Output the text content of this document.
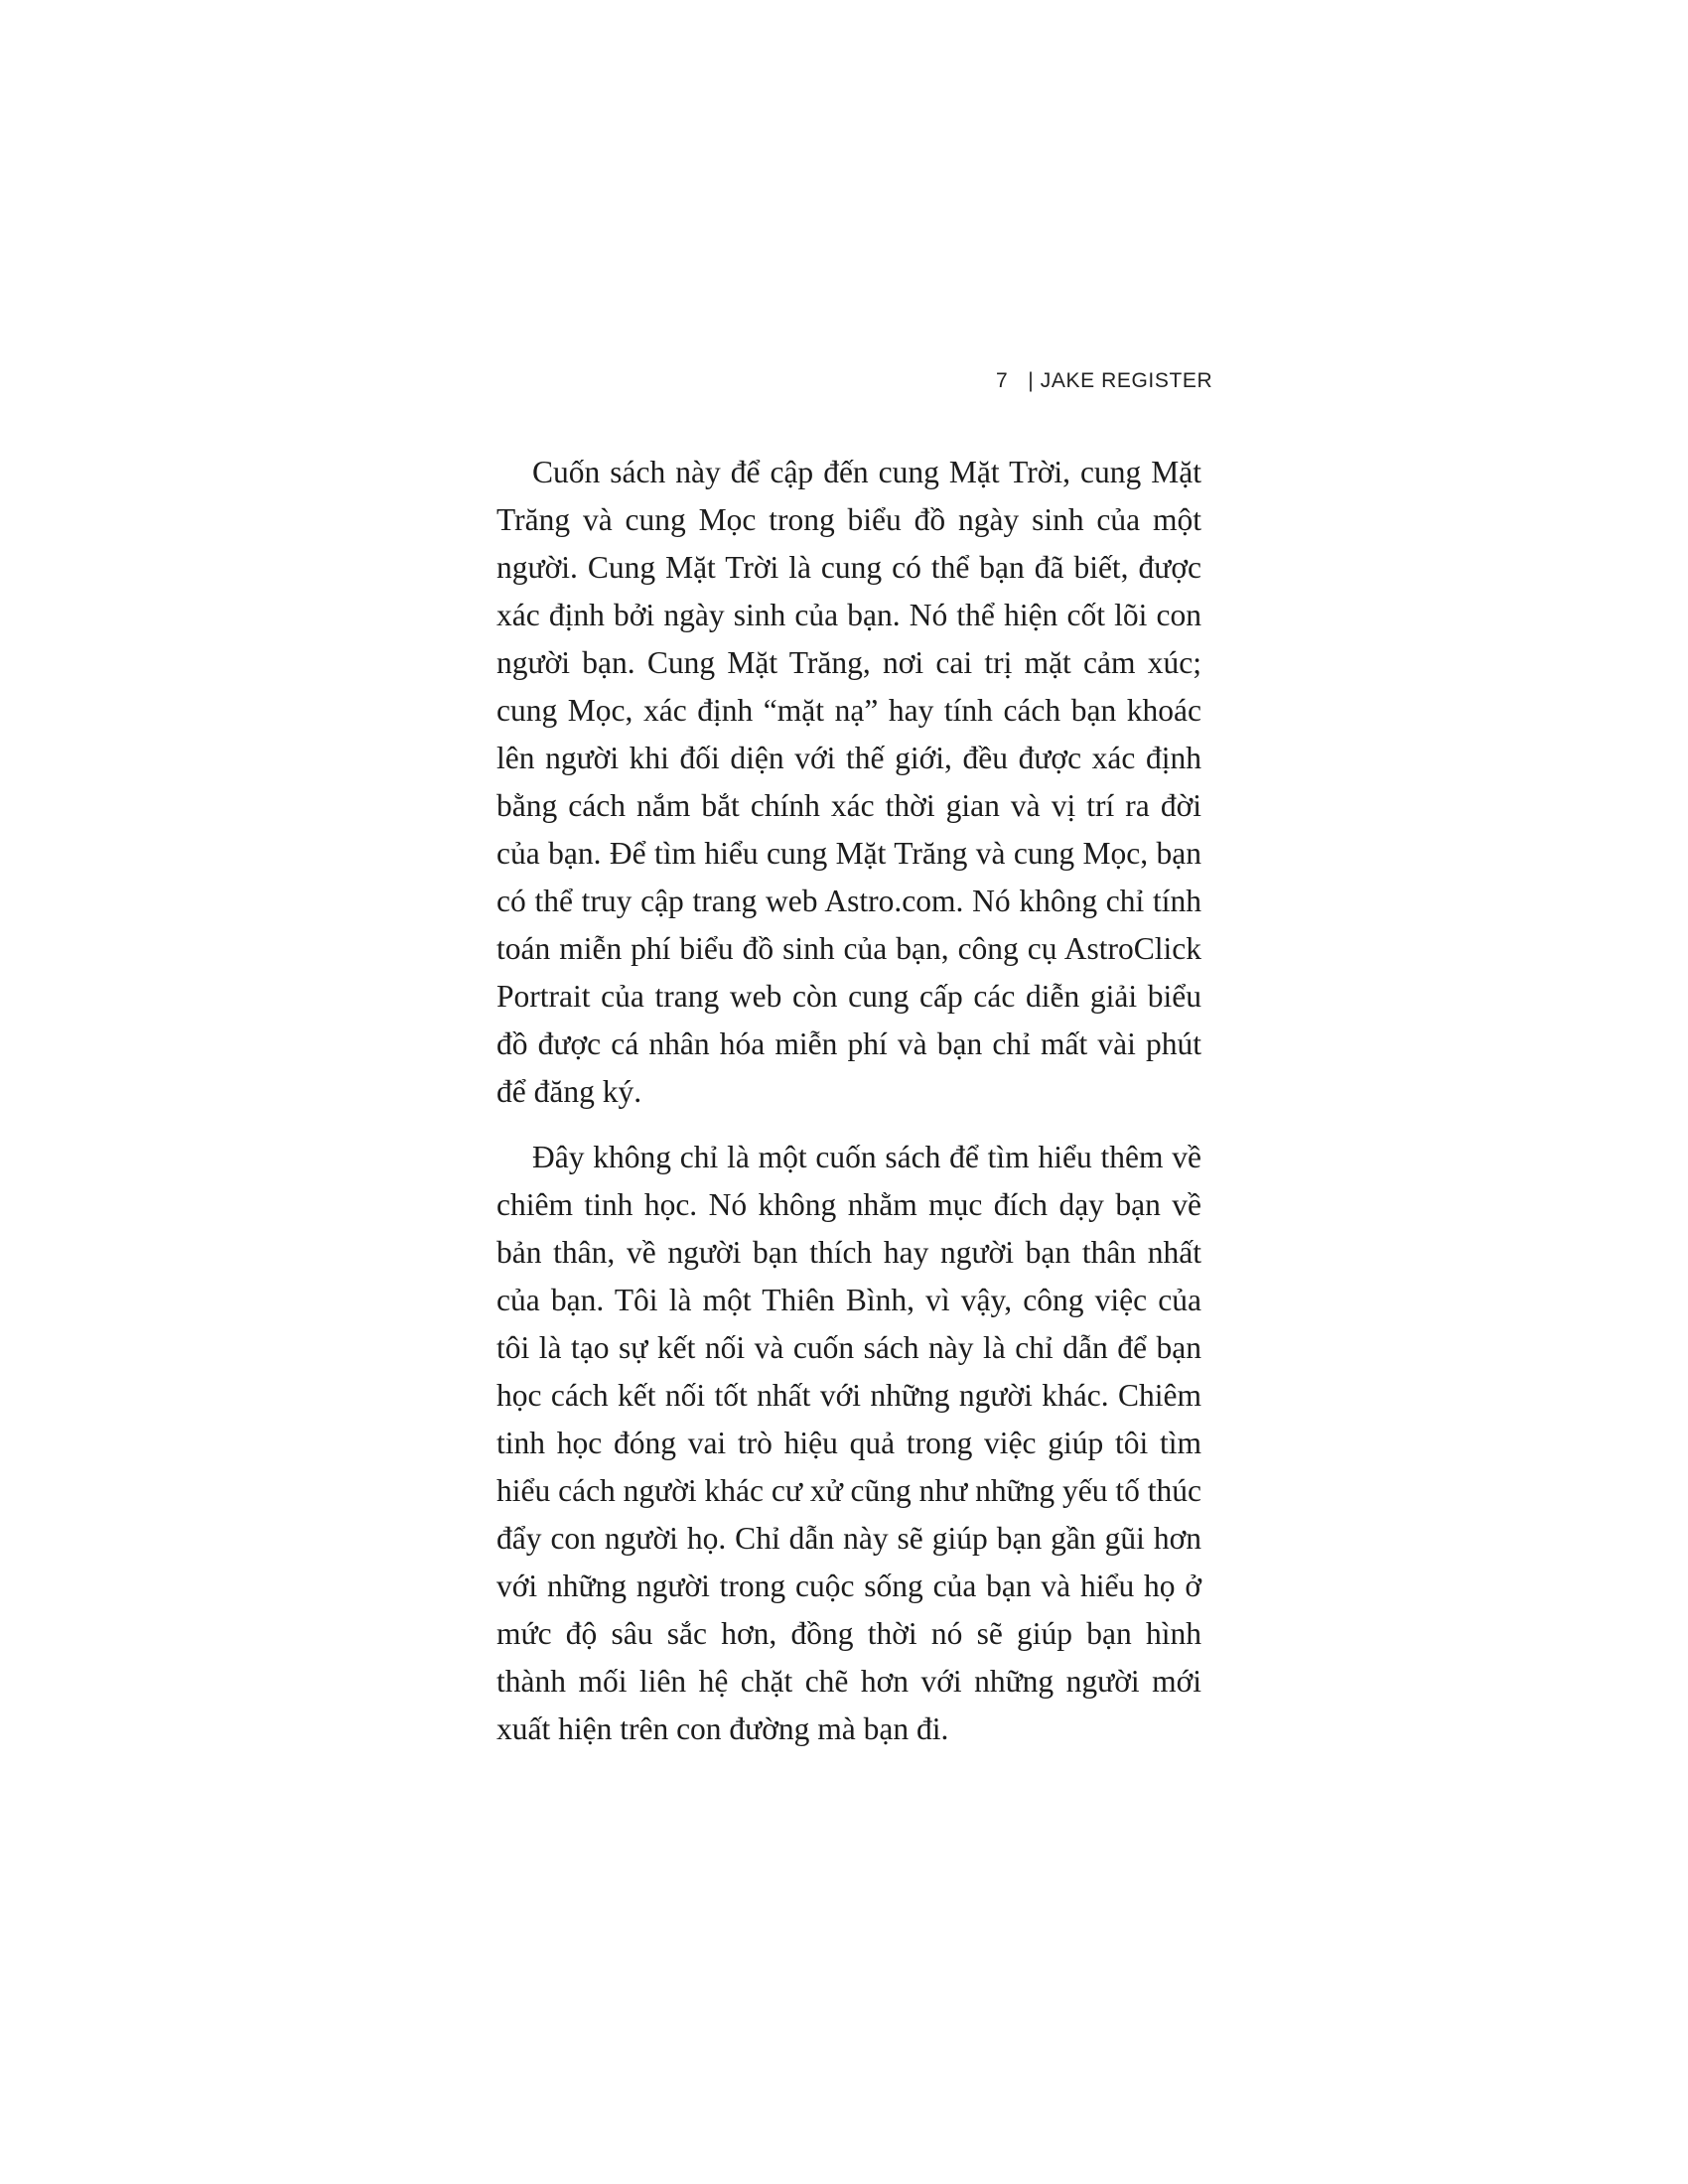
7 | JAKE REGISTER

Cuốn sách này để cập đến cung Mặt Trời, cung Mặt Trăng và cung Mọc trong biểu đồ ngày sinh của một người. Cung Mặt Trời là cung có thể bạn đã biết, được xác định bởi ngày sinh của bạn. Nó thể hiện cốt lõi con người bạn. Cung Mặt Trăng, nơi cai trị mặt cảm xúc; cung Mọc, xác định “mặt nạ” hay tính cách bạn khoác lên người khi đối diện với thế giới, đều được xác định bằng cách nắm bắt chính xác thời gian và vị trí ra đời của bạn. Để tìm hiểu cung Mặt Trăng và cung Mọc, bạn có thể truy cập trang web Astro.com. Nó không chỉ tính toán miễn phí biểu đồ sinh của bạn, công cụ AstroClick Portrait của trang web còn cung cấp các diễn giải biểu đồ được cá nhân hóa miễn phí và bạn chỉ mất vài phút để đăng ký.

Đây không chỉ là một cuốn sách để tìm hiểu thêm về chiêm tinh học. Nó không nhằm mục đích dạy bạn về bản thân, về người bạn thích hay người bạn thân nhất của bạn. Tôi là một Thiên Bình, vì vậy, công việc của tôi là tạo sự kết nối và cuốn sách này là chỉ dẫn để bạn học cách kết nối tốt nhất với những người khác. Chiêm tinh học đóng vai trò hiệu quả trong việc giúp tôi tìm hiểu cách người khác cư xử cũng như những yếu tố thúc đẩy con người họ. Chỉ dẫn này sẽ giúp bạn gần gũi hơn với những người trong cuộc sống của bạn và hiểu họ ở mức độ sâu sắc hơn, đồng thời nó sẽ giúp bạn hình thành mối liên hệ chặt chẽ hơn với những người mới xuất hiện trên con đường mà bạn đi.
